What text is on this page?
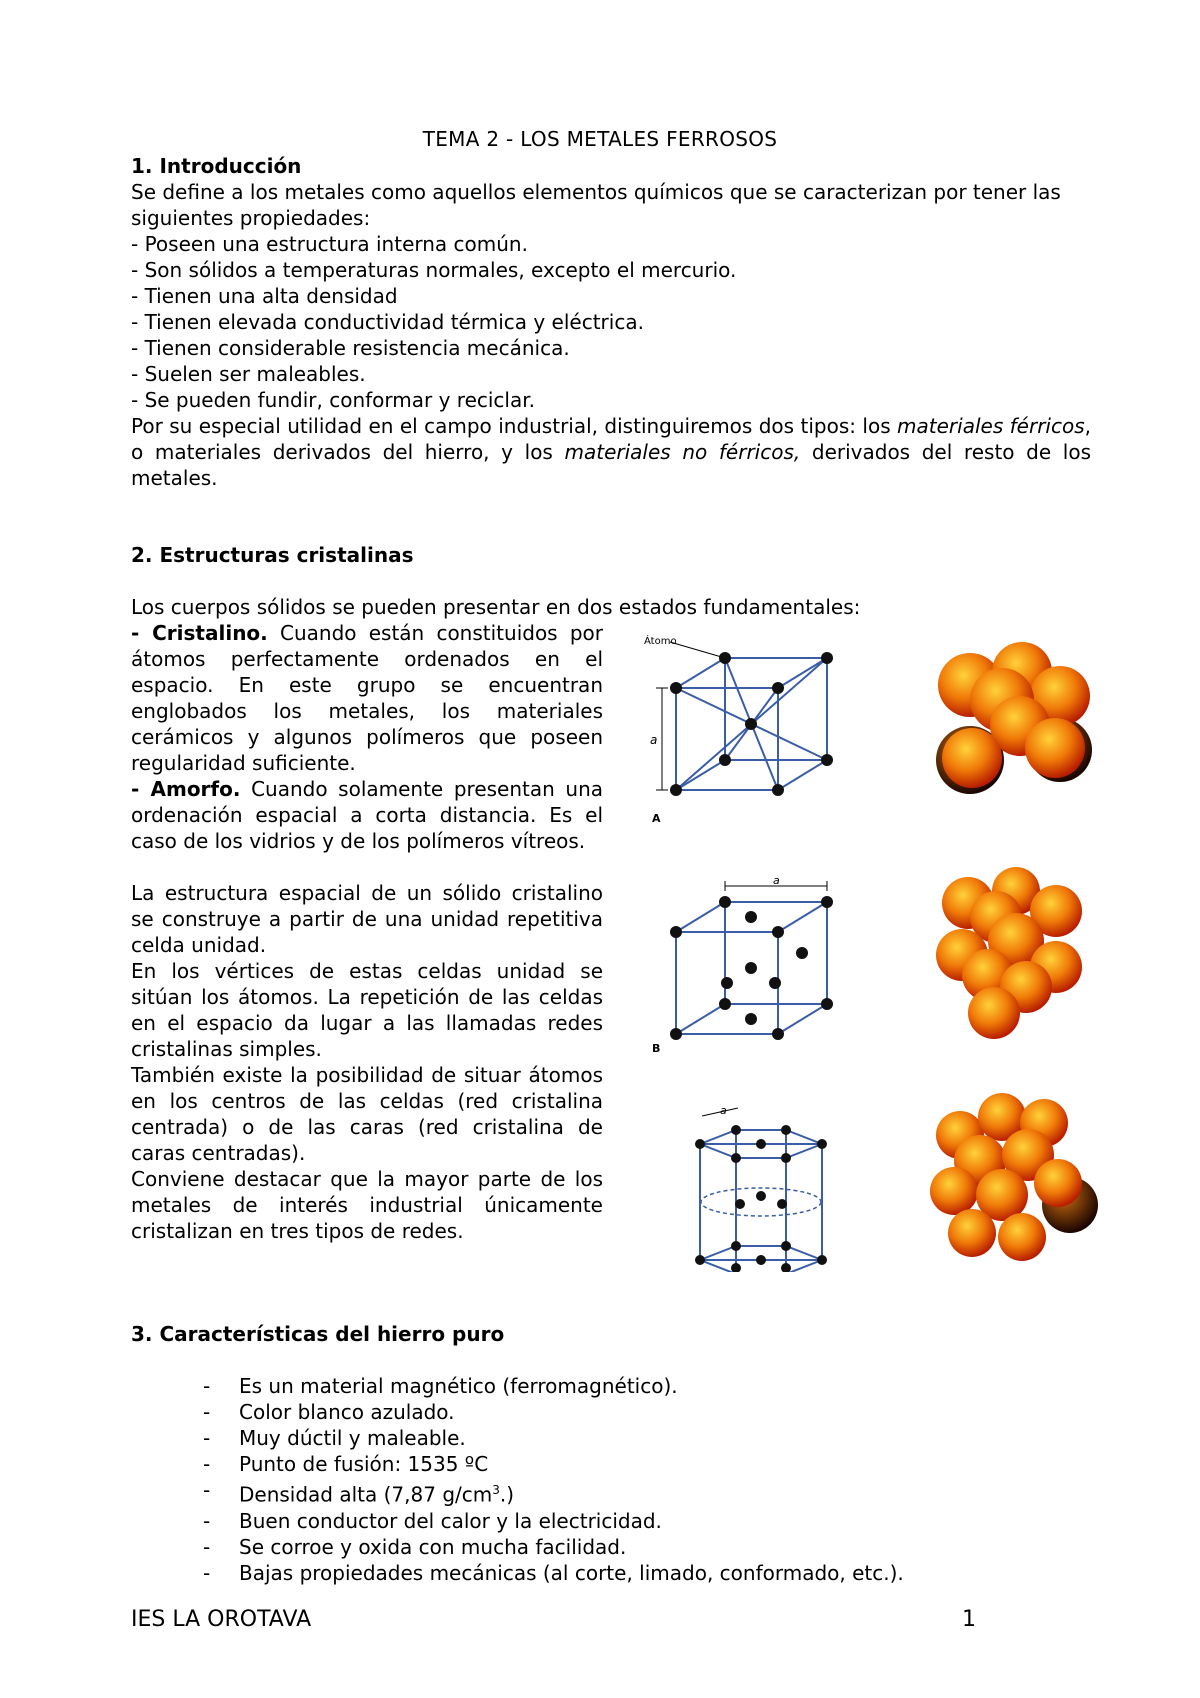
TEMA 2 - LOS METALES FERROSOS

1. Introducción

Se define a los metales como aquellos elementos químicos que se caracterizan por tener las siguientes propiedades:

- Poseen una estructura interna común.

- Son sólidos a temperaturas normales, excepto el mercurio.

- Tienen una alta densidad

- Tienen elevada conductividad térmica y eléctrica.

- Tienen considerable resistencia mecánica.

- Suelen ser maleables.

- Se pueden fundir, conformar y reciclar.

Por su especial utilidad en el campo industrial, distinguiremos dos tipos: los materiales férricos, o materiales derivados del hierro, y los materiales no férricos, derivados del resto de los metales.

2. Estructuras cristalinas

Los cuerpos sólidos se pueden presentar en dos estados fundamentales:

- Cristalino. Cuando están constituidos por átomos perfectamente ordenados en el espacio. En este grupo se encuentran englobados los metales, los materiales cerámicos y algunos polímeros que poseen regularidad suficiente.

- Amorfo. Cuando solamente presentan una ordenación espacial a corta distancia. Es el caso de los vidrios y de los polímeros vítreos.

La estructura espacial de un sólido cristalino se construye a partir de una unidad repetitiva celda unidad.

En los vértices de estas celdas unidad se sitúan los átomos. La repetición de las celdas en el espacio da lugar a las llamadas redes cristalinas simples.

También existe la posibilidad de situar átomos en los centros de las celdas (red cristalina centrada) o de las caras (red cristalina de caras centradas).

Conviene destacar que la mayor parte de los metales de interés industrial únicamente cristalizan en tres tipos de redes.

Átomo
a
A
a
B
a

3. Características del hierro puro

-	Es un material magnético (ferromagnético).
-	Color blanco azulado.
-	Muy dúctil y maleable.
-	Punto de fusión: 1535 ºC
-	Densidad alta (7,87 $g/cm^3$.)
-	Buen conductor del calor y la electricidad.
-	Se corroe y oxida con mucha facilidad.
-	Bajas propiedades mecánicas (al corte, limado, conformado, etc.).
IES LA OROTAVA	1
